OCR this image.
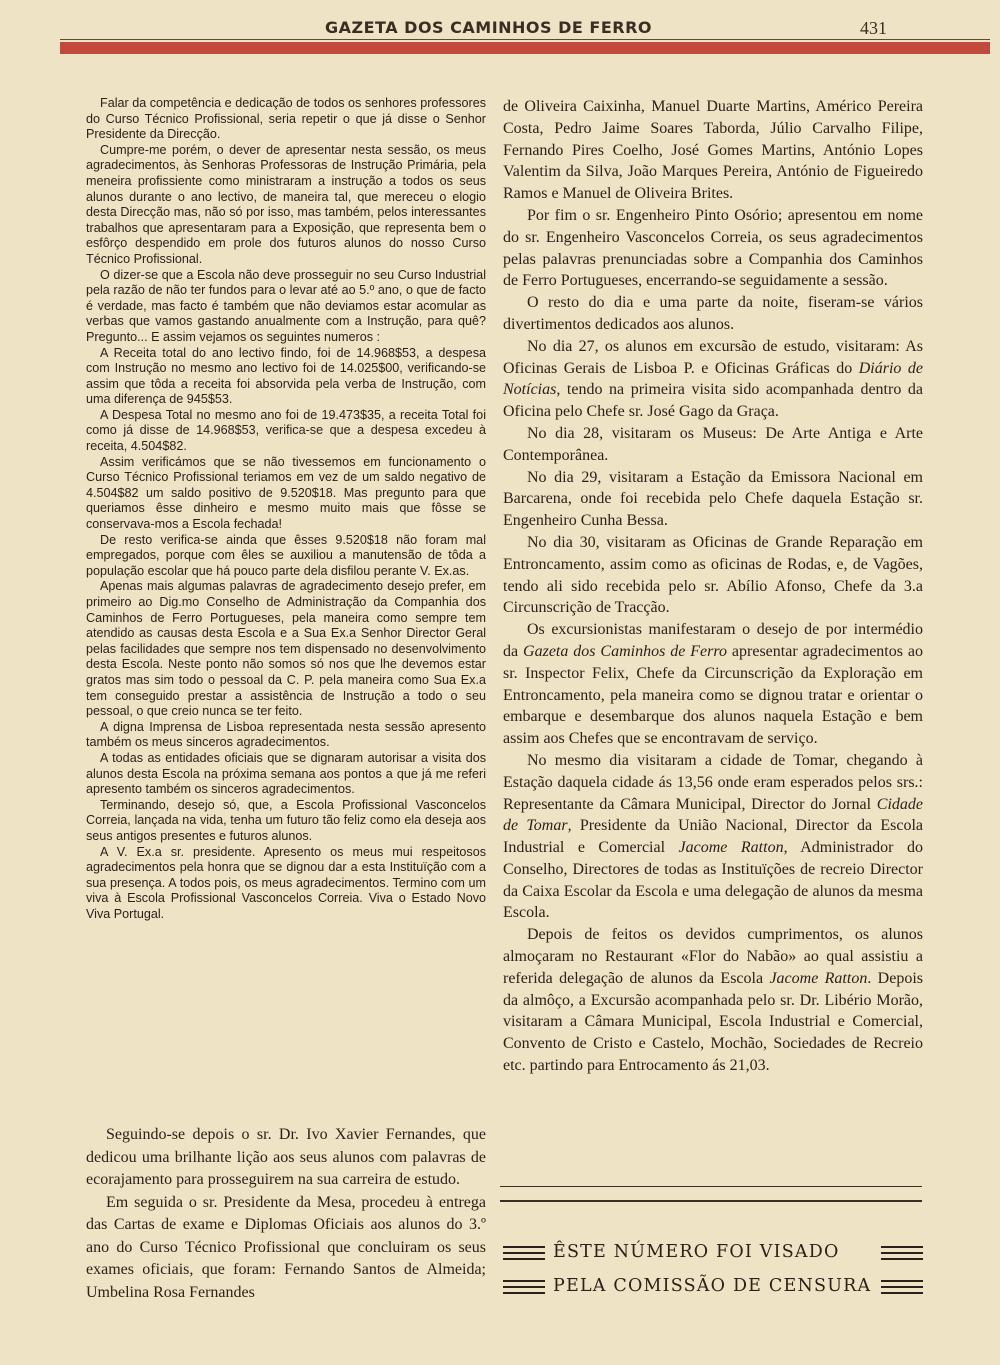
GAZETA DOS CAMINHOS DE FERRO	431

Falar da competência e dedicação de todos os senhores professores do Curso Técnico Profissional, seria repetir o que já disse o Senhor Presidente da Direcção.

Cumpre-me porém, o dever de apresentar nesta sessão, os meus agradecimentos, às Senhoras Professoras de Instrução Primária, pela meneira profissiente como ministraram a instrução a todos os seus alunos durante o ano lectivo, de maneira tal, que mereceu o elogio desta Direcção mas, não só por isso, mas também, pelos interessantes trabalhos que apresentaram para a Exposição, que representa bem o esfôrço despendido em prole dos futuros alunos do nosso Curso Técnico Profissional.

O dizer-se que a Escola não deve prosseguir no seu Curso Industrial pela razão de não ter fundos para o levar até ao 5.º ano, o que de facto é verdade, mas facto é também que não deviamos estar acomular as verbas que vamos gastando anualmente com a Instrução, para quê? Pregunto... E assim vejamos os seguintes numeros :

A Receita total do ano lectivo findo, foi de 14.968$53, a despesa com Instrução no mesmo ano lectivo foi de 14.025$00, verificando-se assim que tôda a receita foi absorvida pela verba de Instrução, com uma diferença de 945$53.

A Despesa Total no mesmo ano foi de 19.473$35, a receita Total foi como já disse de 14.968$53, verifica-se que a despesa excedeu à receita, 4.504$82.

Assim verificámos que se não tivessemos em funcionamento o Curso Técnico Profissional teriamos em vez de um saldo negativo de 4.504$82 um saldo positivo de 9.520$18. Mas pregunto para que queriamos êsse dinheiro e mesmo muito mais que fôsse se conservava-mos a Escola fechada!

De resto verifica-se ainda que êsses 9.520$18 não foram mal empregados, porque com êles se auxiliou a manutensão de tôda a população escolar que há pouco parte dela disfilou perante V. Ex.as.

Apenas mais algumas palavras de agradecimento desejo prefer, em primeiro ao Dig.mo Conselho de Administração da Companhia dos Caminhos de Ferro Portugueses, pela maneira como sempre tem atendido as causas desta Escola e a Sua Ex.a Senhor Director Geral pelas facilidades que sempre nos tem dispensado no desenvolvimento desta Escola. Neste ponto não somos só nos que lhe devemos estar gratos mas sim todo o pessoal da C. P. pela maneira como Sua Ex.a tem conseguido prestar a assistência de Instrução a todo o seu pessoal, o que creio nunca se ter feito.

A digna Imprensa de Lisboa representada nesta sessão apresento também os meus sinceros agradecimentos.

A todas as entidades oficiais que se dignaram autorisar a visita dos alunos desta Escola na próxima semana aos pontos a que já me referi apresento também os sinceros agradecimentos.

Terminando, desejo só, que, a Escola Profissional Vasconcelos Correia, lançada na vida, tenha um futuro tão feliz como ela deseja aos seus antigos presentes e futuros alunos.

A V. Ex.a sr. presidente. Apresento os meus mui respeitosos agradecimentos pela honra que se dignou dar a esta Instituïção com a sua presença. A todos pois, os meus agradecimentos. Termino com um viva à Escola Profissional Vasconcelos Correia. Viva o Estado Novo Viva Portugal.

Seguindo-se depois o sr. Dr. Ivo Xavier Fernandes, que dedicou uma brilhante lição aos seus alunos com palavras de ecorajamento para prosseguirem na sua carreira de estudo.

Em seguida o sr. Presidente da Mesa, procedeu à entrega das Cartas de exame e Diplomas Oficiais aos alunos do 3.º ano do Curso Técnico Profissional que concluiram os seus exames oficiais, que foram: Fernando Santos de Almeida; Umbelina Rosa Fernandes

de Oliveira Caixinha, Manuel Duarte Martins, Américo Pereira Costa, Pedro Jaime Soares Taborda, Júlio Carvalho Filipe, Fernando Pires Coelho, José Gomes Martins, António Lopes Valentim da Silva, João Marques Pereira, António de Figueiredo Ramos e Manuel de Oliveira Brites.

Por fim o sr. Engenheiro Pinto Osório; apresentou em nome do sr. Engenheiro Vasconcelos Correia, os seus agradecimentos pelas palavras prenunciadas sobre a Companhia dos Caminhos de Ferro Portugueses, encerrando-se seguidamente a sessão.

O resto do dia e uma parte da noite, fiseram-se vários divertimentos dedicados aos alunos.

No dia 27, os alunos em excursão de estudo, visitaram: As Oficinas Gerais de Lisboa P. e Oficinas Gráficas do Diário de Notícias, tendo na primeira visita sido acompanhada dentro da Oficina pelo Chefe sr. José Gago da Graça.

No dia 28, visitaram os Museus: De Arte Antiga e Arte Contemporânea.

No dia 29, visitaram a Estação da Emissora Nacional em Barcarena, onde foi recebida pelo Chefe daquela Estação sr. Engenheiro Cunha Bessa.

No dia 30, visitaram as Oficinas de Grande Reparação em Entroncamento, assim como as oficinas de Rodas, e, de Vagões, tendo ali sido recebida pelo sr. Abílio Afonso, Chefe da 3.a Circunscrição de Tracção.

Os excursionistas manifestaram o desejo de por intermédio da Gazeta dos Caminhos de Ferro apresentar agradecimentos ao sr. Inspector Felix, Chefe da Circunscrição da Exploração em Entroncamento, pela maneira como se dignou tratar e orientar o embarque e desembarque dos alunos naquela Estação e bem assim aos Chefes que se encontravam de serviço.

No mesmo dia visitaram a cidade de Tomar, chegando à Estação daquela cidade ás 13,56 onde eram esperados pelos srs.: Representante da Câmara Municipal, Director do Jornal Cidade de Tomar, Presidente da União Nacional, Director da Escola Industrial e Comercial Jacome Ratton, Administrador do Conselho, Directores de todas as Instituïções de recreio Director da Caixa Escolar da Escola e uma delegação de alunos da mesma Escola.

Depois de feitos os devidos cumprimentos, os alunos almoçaram no Restaurant «Flor do Nabão» ao qual assistiu a referida delegação de alunos da Escola Jacome Ratton. Depois da almôço, a Excursão acompanhada pelo sr. Dr. Libério Morão, visitaram a Câmara Municipal, Escola Industrial e Comercial, Convento de Cristo e Castelo, Mochão, Sociedades de Recreio etc. partindo para Entrocamento ás 21,03.

ÊSTE NÚMERO FOI VISADO
PELA COMISSÃO DE CENSURA
